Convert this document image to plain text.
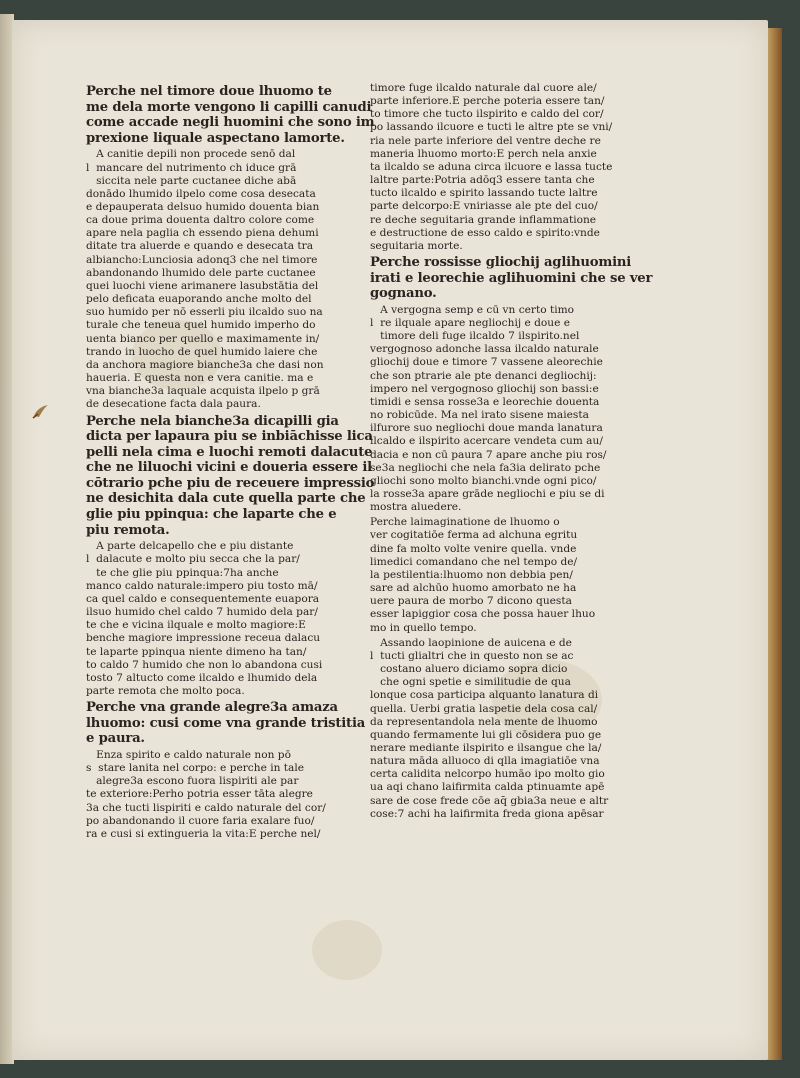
Perche nel timore doue lhuomo te
me dela morte vengono li capilli canudi
come accade negli huomini che sono
prexione liquale aspectano lamorte.
A canitie depili non procede senō dal
l  mancare del nutrimento ch iduce grā
siccita nele parte cuctanee diche abā
donādo lhumido ilpelo come cosa desecata
e depauperata delsuo humido douenta bian
ca doue prima douenta daltro colore come
apare nela paglia ch essendo piena dehumi
ditate tra aluerde e quando e desecata tra
albiancho:Lunciosia adonq3 che nel timore
abandonando lhumido dele parte cuctanee
quei luochi viene arimanere lasubstātia del
pelo deficata euaporando anche molto del
suo humido per nō esserli piu ilcaldo suo na
turale che teneua quel humido imperho do
uenta bianco per quello e maximamente in/
trando in luocho de quel humido laiere che
da anchora magiore bianche3a che dasi non
haueria. E questa non e vera canitie. ma e
vna bianche3a laquale acquista ilpelo p grā
de desecatione facta dala paura.
Perche nela bianche3a dicapilli gia
dicta per lapaura piu se inbiāchisse
pelli nela cima e luochi remoti dalacute
che ne liluochi vicini e doueria essere
cōtrario pche piu de receuere impressio
ne desichita dala cute quella parte
glie piu ppinqua: che laparte che e
piu remota.
A parte delcapello che e piu distante
l  dalacute e molto piu secca che la par/
te che glie piu ppinqua:7ha anche
manco caldo naturale:impero piu tosto mā/
ca quel caldo e consequentemente euapora
ilsuo humido chel caldo 7 humido dela par/
te che e vicina ilquale e molto magiore:E
benche magiore impressione receua dalacu
te laparte ppinqua niente dimeno ha tan/
to caldo 7 humido che non lo abandona cusi
tosto 7 altucto come ilcaldo e lhumido dela
parte remota che molto poca.
Perche vna grande alegre3a amaza
lhuomo: cusi come vna grande tristitia
e paura.
Enza spirito e caldo naturale non pō
s  stare lanita nel corpo: e perche in tale
alegre3a escono fuora lispiriti ale par
te exteriore:Perho potria esser tāta alegre
3a che tucti lispiriti e caldo naturale del cor/
po abandonando il cuore faria exalare fuo/
ra e cusi si extingueria la vita:E perche nel/
timore fuge ilcaldo naturale dal cuore ale/
parte inferiore.E perche poteria essere tan/
to timore che tucto ilspirito e caldo del cor/
po lassando ilcuore e tucti le altre pte se vni/
ria nele parte inferiore del ventre deche re
maneria lhuomo morto:E perch nela anxie
ta ilcaldo se aduna circa ilcuore e lassa tucte
laltre parte:Potria adōq3 essere tanta che
tucto ilcaldo e spirito lassando tucte laltre
parte delcorpo:E vniriasse ale pte del cuo/
re deche seguitaria grande inflammatione
e destructione de esso caldo e spirito:vnde
seguitaria morte.
Perche rossisse gliochij aglihuomini
irati e leorechie aglihuomini che se
gognano.
A vergogna semp e cū vn certo timo
l  re ilquale apare negliochij e doue e
timore deli fuge ilcaldo 7 ilspirito.nel
vergognoso adonche lassa ilcaldo naturale
gliochij doue e timore 7 vassene aleorechie
che son ptrarie ale pte denanci degliochij:
impero nel vergognoso gliochij son bassi:e
timidi e sensa rosse3a e leorechie douenta
no robicūde. Ma nel irato sisene maiesta
ilfurore suo negliochi doue manda lanatura
ilcaldo e ilspirito acercare vendeta cum au/
dacia e non cū paura 7 apare anche piu ros/
se3a negliochi che nela fa3ia delirato pche
gliochi sono molto bianchi.vnde ogni pico/
la rosse3a apare grāde negliochi e piu se di
mostra aluedere.
Perche laimaginatione de lhuomo o
ver cogitatiōe ferma ad alchuna egritu
dine fa molto volte venire quella. vnde
limedici comandano che nel tempo de/
la pestilentia:lhuomo non debbia pen/
sare ad alchūo huomo amorbato ne ha
uere paura de morbo 7 dicono questa
esser lapiggior cosa che possa hauer lhuo
mo in quello tempo.
Assando laopinione de auicena e de
l  tucti glialtri che in questo non se ac
costano aluero diciamo sopra dicio
che ogni spetie e similitudie de qua
lonque cosa participa alquanto lanatura di
quella. Uerbi gratia laspetie dela cosa cal/
da representandola nela mente de lhuomo
quando fermamente lui gli cōsidera puo ge
nerare mediante ilspirito e ilsangue che la/
natura māda alluoco di qlla imagiatiōe vna
certa calidita nelcorpo humāo ipo molto gio
ua aqi chano laifirmita calda ptinuamte apē
sare de cose frede cōe aq̄ gbia3a neue e altr
cose:7 achi ha laifirmita freda giona apēsar
